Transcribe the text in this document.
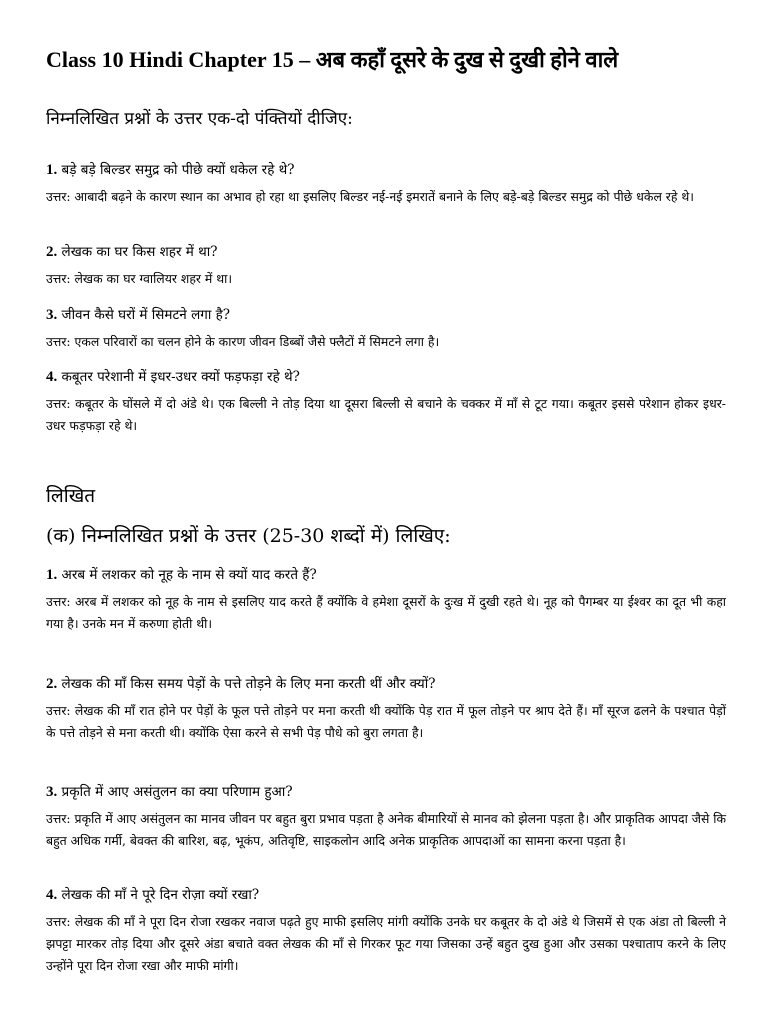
Class 10 Hindi Chapter 15 – अब कहाँ दूसरे के दुख से दुखी होने वाले
निम्नलिखित प्रश्नों के उत्तर एक-दो पंक्तियों दीजिए:

1. बड़े बड़े बिल्डर समुद्र को पीछे क्यों धकेल रहे थे?

उत्तर: आबादी बढ़ने के कारण स्थान का अभाव हो रहा था इसलिए बिल्डर नई-नई इमरातें बनाने के लिए बड़े-बड़े बिल्डर समुद्र को पीछे धकेल रहे थे।

2. लेखक का घर किस शहर में था?

उत्तर: लेखक का घर ग्वालियर शहर में था।

3. जीवन कैसे घरों में सिमटने लगा है?

उत्तर: एकल परिवारों का चलन होने के कारण जीवन डिब्बों जैसे फ्लैटों में सिमटने लगा है।

4. कबूतर परेशानी में इधर-उधर क्यों फड़फड़ा रहे थे?

उत्तर: कबूतर के घोंसले में दो अंडे थे। एक बिल्ली ने तोड़ दिया था दूसरा बिल्ली से बचाने के चक्कर में माँ से टूट गया। कबूतर इससे परेशान होकर इधर-उधर फड़फड़ा रहे थे।

लिखित
(क) निम्नलिखित प्रश्नों के उत्तर (25-30 शब्दों में) लिखिए:

1. अरब में लशकर को नूह के नाम से क्यों याद करते हैं?

उत्तर: अरब में लशकर को नूह के नाम से इसलिए याद करते हैं क्योंकि वे हमेशा दूसरों के दुःख में दुखी रहते थे। नूह को पैगम्बर या ईश्वर का दूत भी कहा गया है। उनके मन में करुणा होती थी।

2. लेखक की माँ किस समय पेड़ों के पत्ते तोड़ने के लिए मना करती थीं और क्यों?

उत्तर: लेखक की माँ रात होने पर पेड़ों के फूल पत्ते तोड़ने पर मना करती थी क्योंकि पेड़ रात में फूल तोड़ने पर श्राप देते हैं। माँ सूरज ढलने के पश्चात पेड़ों के पत्ते तोड़ने से मना करती थी। क्योंकि ऐसा करने से सभी पेड़ पौधे को बुरा लगता है।

3. प्रकृति में आए असंतुलन का क्या परिणाम हुआ?

उत्तर: प्रकृति में आए असंतुलन का मानव जीवन पर बहुत बुरा प्रभाव पड़ता है अनेक बीमारियों से मानव को झेलना पड़ता है। और प्राकृतिक आपदा जैसे कि बहुत अधिक गर्मी, बेवक्त की बारिश, बढ़, भूकंप, अतिवृष्टि, साइकलोन आदि अनेक प्राकृतिक आपदाओं का सामना करना पड़ता है।

4. लेखक की माँ ने पूरे दिन रोज़ा क्यों रखा?

उत्तर: लेखक की माँ ने पूरा दिन रोजा रखकर नवाज पढ़ते हुए माफी इसलिए मांगी क्योंकि उनके घर कबूतर के दो अंडे थे जिसमें से एक अंडा तो बिल्ली ने झपट्टा मारकर तोड़ दिया और दूसरे अंडा बचाते वक्त लेखक की माँ से गिरकर फूट गया जिसका उन्हें बहुत दुख हुआ और उसका पश्चाताप करने के लिए उन्होंने पूरा दिन रोजा रखा और माफी मांगी।
